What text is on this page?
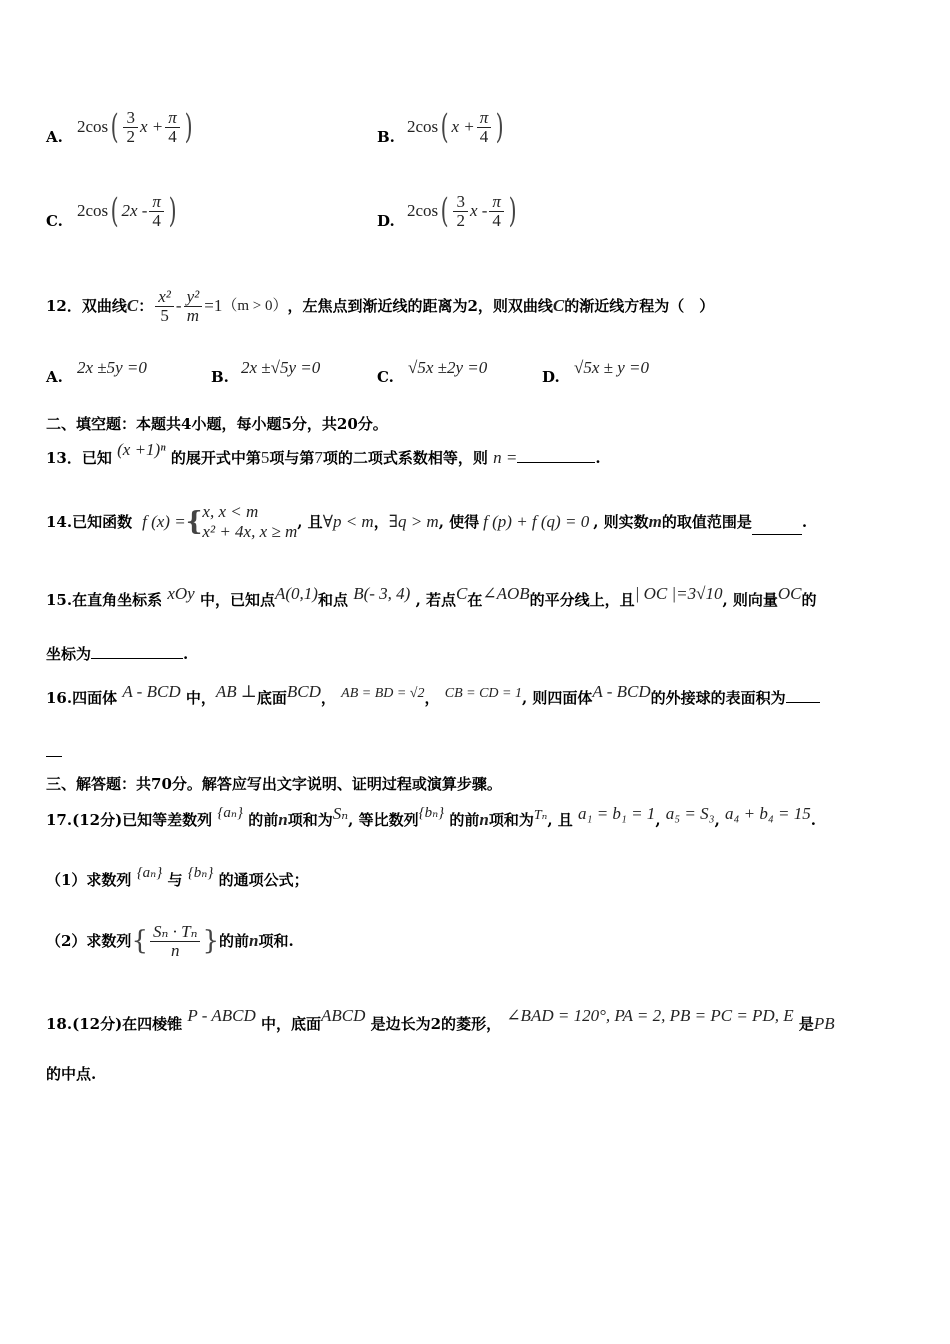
A.
2cos ( $\frac{3}{2}$ $x + \frac{\pi}{4}$ )	B.
2cos ( $x + \frac{\pi}{4}$ )
C.
2cos ( $2x - \frac{\pi}{4}$ )	D.
2cos ( $\frac{3}{2}$ x - $\frac{\pi}{4}$ )
12． 双曲线 C ： $\frac{\text{x²}}{5} - \frac{\text{y²}}{m} =1$ （m > 0） ，左焦点到渐近线的距离为2，则双曲线 C 的渐近线方程为（　）
A. 2x ±5y =0	B. 2x ±√5y =0	C. √5x ±2y =0	D. √5x ± y =0
二、填空题：本题共4小题，每小题5分，共20分。
13．已知 (x +1)ⁿ 的展开式中第5项与第7项的二项式系数相等，则 n =	.
14. 已知函数 f (x) = { x, x < m
x² + 4x, x ≥ m , 且 ∀p < m ， ∃q > m , 使得 f (p) + f (q) = 0 , 则实数 m 的取值范围是	.
15.在直角坐标系 xOy 中，已知点A(0,1)和点 B(- 3, 4) , 若点C在∠AOB的平分线上，且| OC |=3√10, 则向量OC的
坐标为	.
16.四面体 A - BCD 中，AB ⊥底面BCD， AB = BD = √2， CB = CD = 1, 则四面体A - BCD的外接球的表面积为
三、解答题：共70分。解答应写出文字说明、证明过程或演算步骤。
17.(12分)已知等差数列 {aₙ} 的前n项和为Sₙ, 等比数列{bₙ} 的前n项和为Tₙ, 且 a₁ = b₁ = 1, a₅ = S₃, a₄ + b₄ = 15.
（1）求数列 {aₙ} 与 {bₙ} 的通项公式；
（2）求数列 { $\frac{\text{Sₙ · Tₙ}}{n}$ } 的前 n 项和.
18.(12分)在四棱锥 P - ABCD 中，底面ABCD 是边长为2的菱形， ∠BAD = 120°, PA = 2, PB = PC = PD, E 是PB
的中点.
